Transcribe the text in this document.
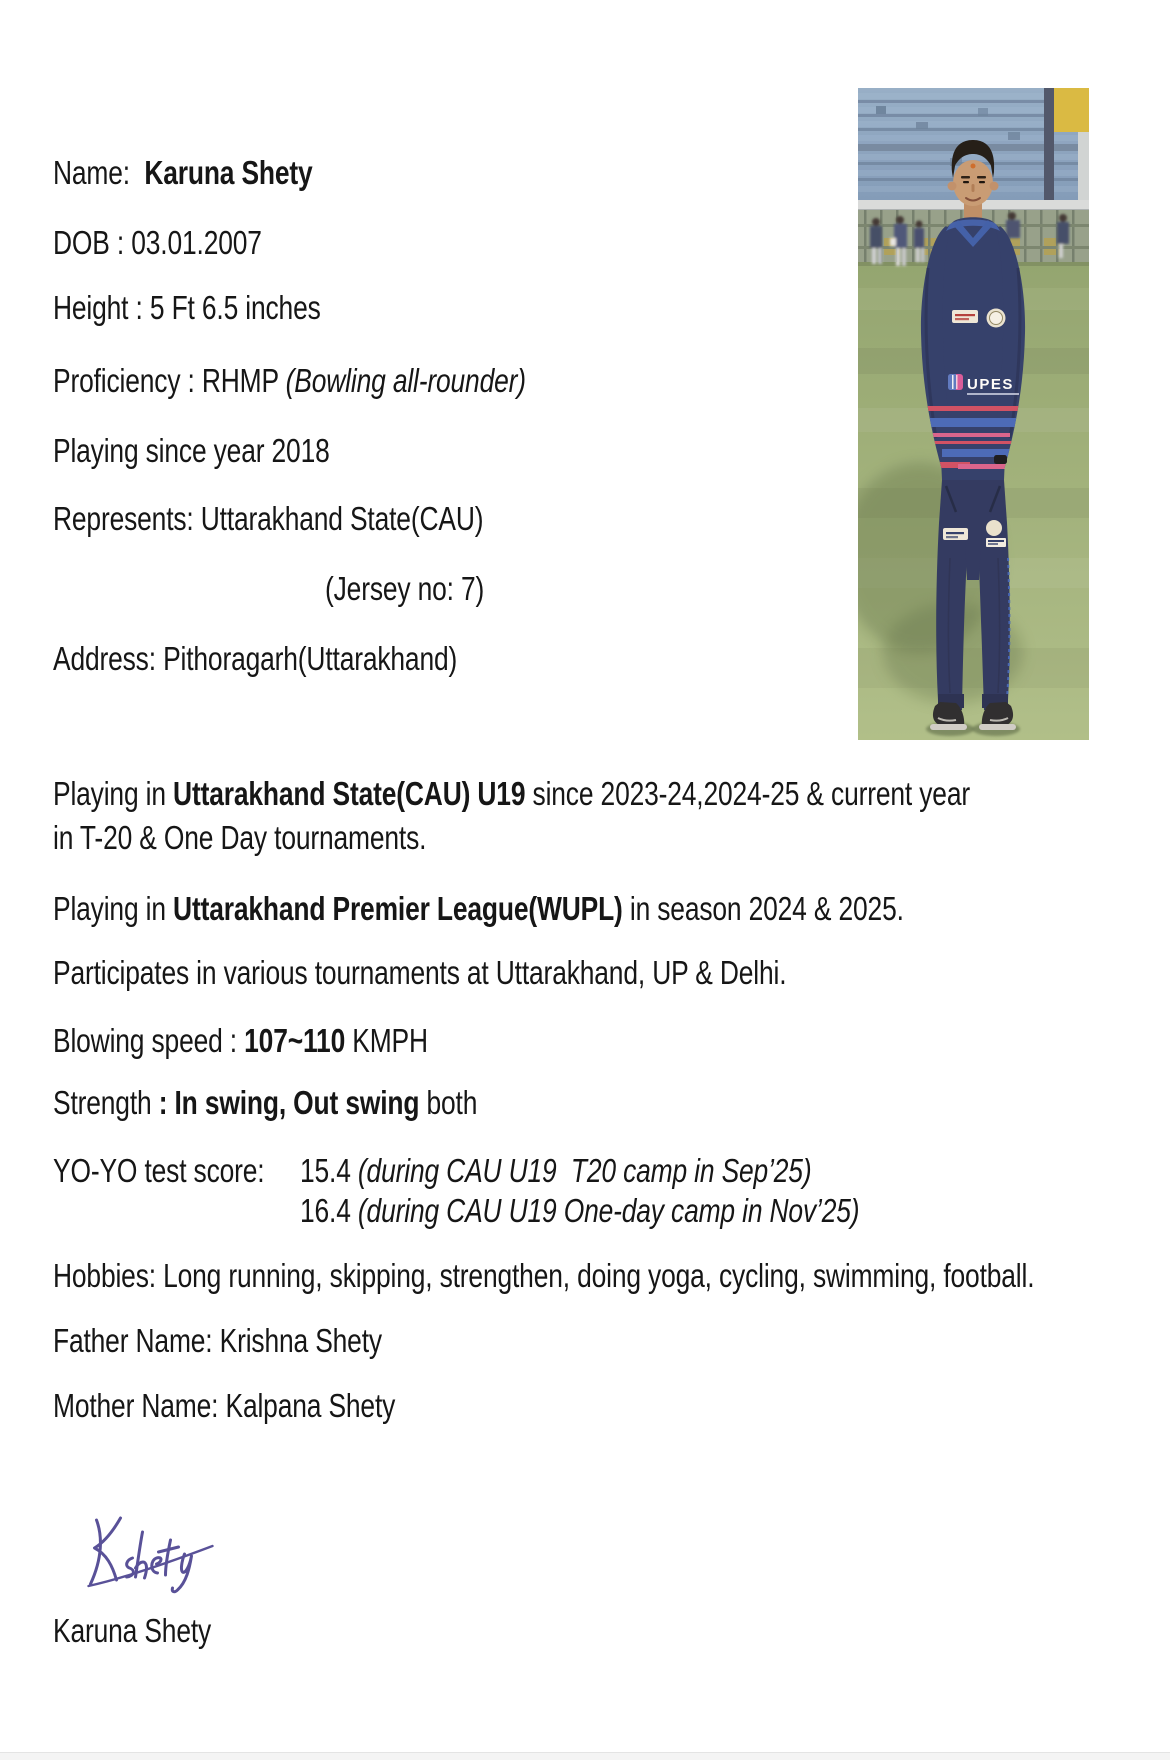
Name:  Karuna Shety
DOB : 03.01.2007
Height : 5 Ft 6.5 inches
Proficiency : RHMP (Bowling all-rounder)
Playing since year 2018
Represents: Uttarakhand State(CAU)
(Jersey no: 7)
Address: Pithoragarh(Uttarakhand)
Playing in Uttarakhand State(CAU) U19 since 2023-24,2024-25 & current year
in T-20 & One Day tournaments.
Playing in Uttarakhand Premier League(WUPL) in season 2024 & 2025.
Participates in various tournaments at Uttarakhand, UP & Delhi.
Blowing speed : 107~110 KMPH
Strength : In swing, Out swing both
YO-YO test score: 15.4 (during CAU U19  T20 camp in Sep’25)
16.4 (during CAU U19 One-day camp in Nov’25)
Hobbies: Long running, skipping, strengthen, doing yoga, cycling, swimming, football.
Father Name: Krishna Shety
Mother Name: Kalpana Shety
Karuna Shety
UPES
